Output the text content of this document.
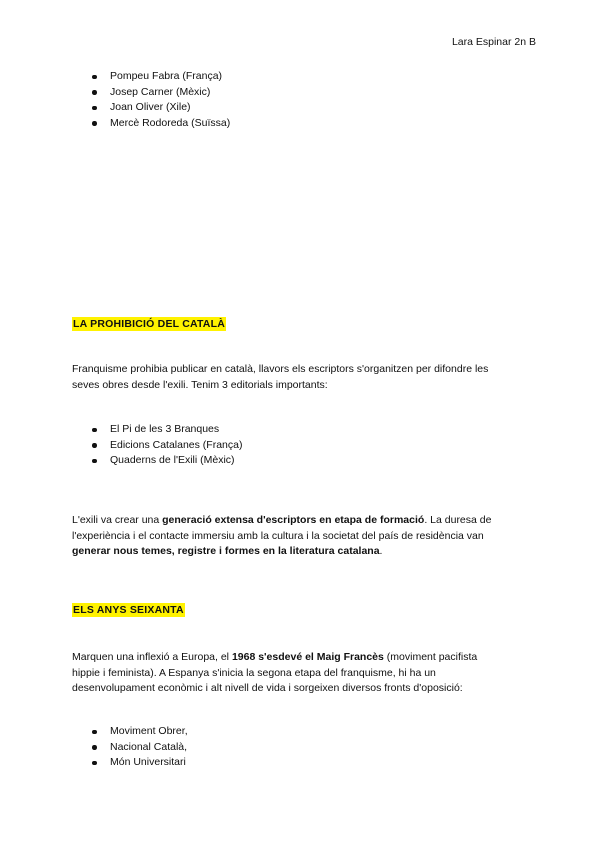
Lara Espinar 2n B
Pompeu Fabra (França)
Josep Carner (Mèxic)
Joan Oliver (Xile)
Mercè Rodoreda (Suïssa)
LA PROHIBICIÓ DEL CATALÀ
Franquisme prohibia publicar en català, llavors els escriptors s'organitzen per difondre les
seves obres desde l'exili. Tenim 3 editorials importants:
El Pi de les 3 Branques
Edicions Catalanes (França)
Quaderns de l'Exili (Mèxic)
L'exili va crear una generació extensa d'escriptors en etapa de formació. La duresa de
l'experiència i el contacte immersiu amb la cultura i la societat del país de residència van
generar nous temes, registre i formes en la literatura catalana.
ELS ANYS SEIXANTA
Marquen una inflexió a Europa, el 1968 s'esdevé el Maig Francès (moviment pacifista
hippie i feminista). A Espanya s'inicia la segona etapa del franquisme, hi ha un
desenvolupament econòmic i alt nivell de vida i sorgeixen diversos fronts d'oposició:
Moviment Obrer,
Nacional Català,
Món Universitari
